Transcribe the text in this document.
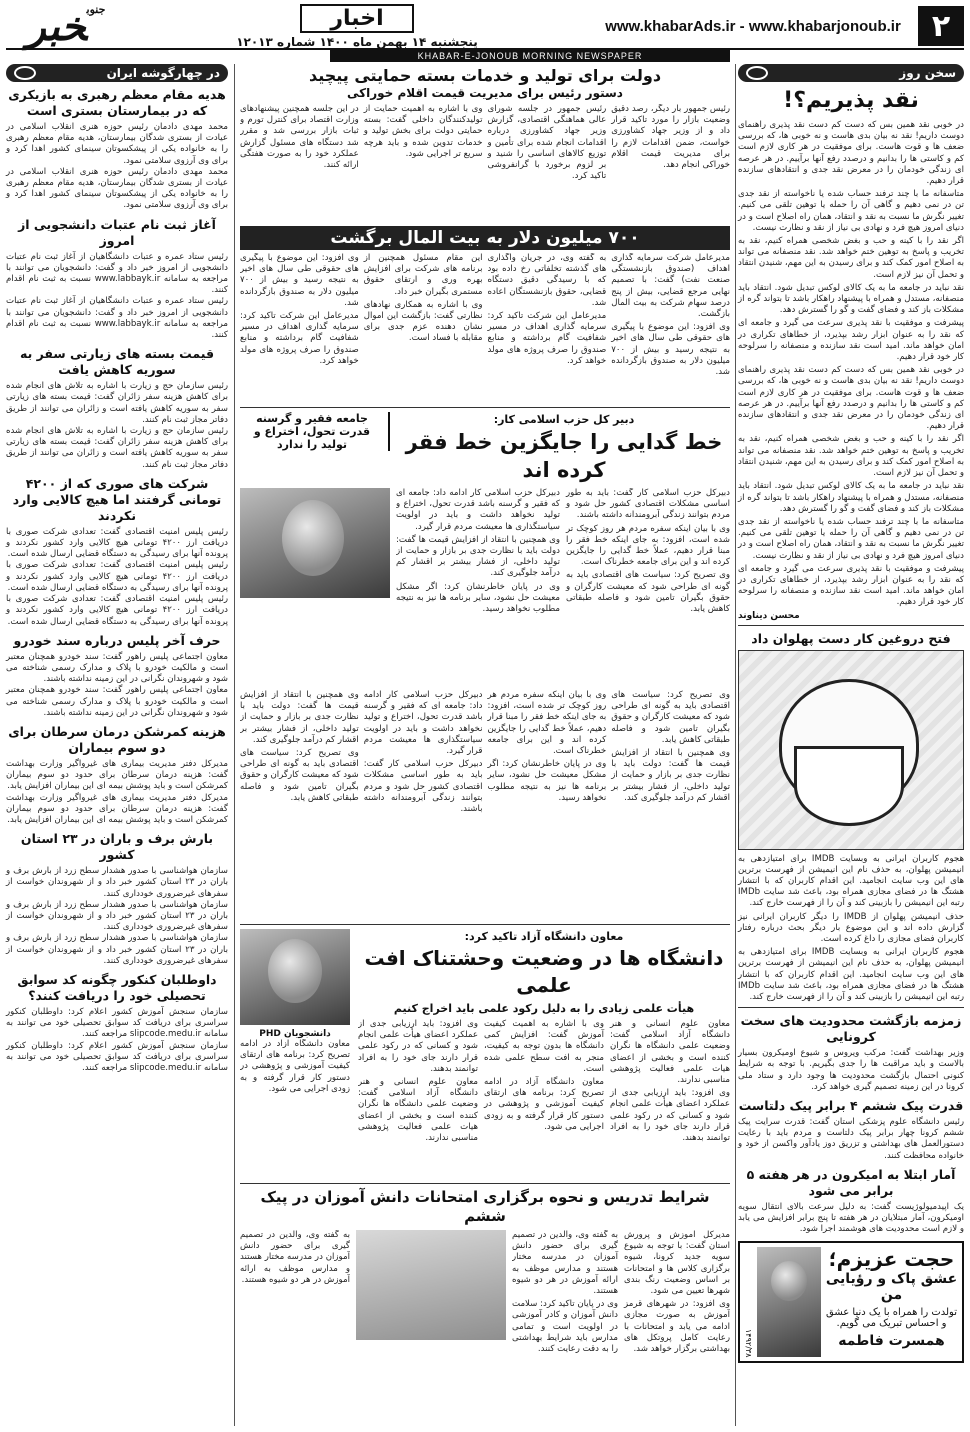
۲
www.khabarAds.ir - www.khabarjonoub.ir
اخبار
پنجشنبه ۱۴ بهمن ماه ۱۴۰۰ شماره ۱۲۰۱۳
$^{جنوب}$خبر
KHABAR-E-JONOUB MORNING NEWSPAPER
سخن روز
نقد پذیریم؟!

در خوبی نقد همین بس که دست کم دست نقد پذیری راهنمای دوست داریم! نقد نه بیان بدی هاست و نه خوبی ها، که بررسی ضعف ها و قوت هاست. برای موفقیت در هر کاری لازم است کم و کاستی ها را بدانیم و درصدد رفع آنها برآییم. در هر عرصه ای زندگی خودمان را در معرض نقد جدی و انتقادهای سازنده قرار دهیم.

متاسفانه ما با چند ترفند حساب شده یا ناخواسته از نقد جدی تن در نمی دهیم و گاهی آن را حمله یا توهین تلقی می کنیم. تغییر نگرش ما نسبت به نقد و انتقاد، همان راه اصلاح است و در دنیای امروز هیچ فرد و نهادی بی نیاز از نقد و نظارت نیست.

اگر نقد را با کینه و حب و بغض شخصی همراه کنیم، نقد به تخریب و پاسخ به توهین ختم خواهد شد. نقد منصفانه می تواند به اصلاح امور کمک کند و برای رسیدن به این مهم، شنیدن انتقاد و تحمل آن نیز لازم است.

نقد نباید در جامعه ما به یک کالای لوکس تبدیل شود. انتقاد باید منصفانه، مستدل و همراه با پیشنهاد راهکار باشد تا بتواند گره از مشکلات باز کند و فضای گفت و گو را گسترش دهد.

پیشرفت و موفقیت با نقد پذیری سرعت می گیرد و جامعه ای که نقد را به عنوان ابزار رشد بپذیرد، از خطاهای تکراری در امان خواهد ماند. امید است نقد سازنده و منصفانه را سرلوحه کار خود قرار دهیم.

در خوبی نقد همین بس که دست کم دست نقد پذیری راهنمای دوست داریم! نقد نه بیان بدی هاست و نه خوبی ها، که بررسی ضعف ها و قوت هاست. برای موفقیت در هر کاری لازم است کم و کاستی ها را بدانیم و درصدد رفع آنها برآییم. در هر عرصه ای زندگی خودمان را در معرض نقد جدی و انتقادهای سازنده قرار دهیم.

اگر نقد را با کینه و حب و بغض شخصی همراه کنیم، نقد به تخریب و پاسخ به توهین ختم خواهد شد. نقد منصفانه می تواند به اصلاح امور کمک کند و برای رسیدن به این مهم، شنیدن انتقاد و تحمل آن نیز لازم است.

نقد نباید در جامعه ما به یک کالای لوکس تبدیل شود. انتقاد باید منصفانه، مستدل و همراه با پیشنهاد راهکار باشد تا بتواند گره از مشکلات باز کند و فضای گفت و گو را گسترش دهد.

متاسفانه ما با چند ترفند حساب شده یا ناخواسته از نقد جدی تن در نمی دهیم و گاهی آن را حمله یا توهین تلقی می کنیم. تغییر نگرش ما نسبت به نقد و انتقاد، همان راه اصلاح است و در دنیای امروز هیچ فرد و نهادی بی نیاز از نقد و نظارت نیست.

پیشرفت و موفقیت با نقد پذیری سرعت می گیرد و جامعه ای که نقد را به عنوان ابزار رشد بپذیرد، از خطاهای تکراری در امان خواهد ماند. امید است نقد سازنده و منصفانه را سرلوحه کار خود قرار دهیم.

محسن دیناوند
فتح دروغین کار دست پهلوان داد

هجوم کاربران ایرانی به وبسایت IMDB برای امتیازدهی به انیمیشن پهلوان، به حذف نام این انیمیشن از فهرست برترین های این وب سایت انجامید. این اقدام کاربران که با انتشار هشتگ ها در فضای مجازی همراه بود، باعث شد سایت IMDb رتبه این انیمیشن را بازبینی کند و آن را از فهرست خارج کند.

حذف انیمیشن پهلوان از IMDB را دیگر کاربران ایرانی نیز گزارش داده اند و این موضوع بار دیگر بحث درباره رفتار کاربران فضای مجازی را داغ کرده است.

هجوم کاربران ایرانی به وبسایت IMDB برای امتیازدهی به انیمیشن پهلوان، به حذف نام این انیمیشن از فهرست برترین های این وب سایت انجامید. این اقدام کاربران که با انتشار هشتگ ها در فضای مجازی همراه بود، باعث شد سایت IMDb رتبه این انیمیشن را بازبینی کند و آن را از فهرست خارج کند.

زمزمه بازگشت محدودیت های سخت کرونایی
وزیر بهداشت گفت: مرکب ویروس و شیوع اومیکرون بسیار بالاست و باید مراقبت ها را جدی بگیریم. با توجه به شرایط کنونی احتمال بازگشت محدودیت ها وجود دارد و ستاد ملی کرونا در این زمینه تصمیم گیری خواهد کرد.
قدرت پیک ششم ۴ برابر پیک دلتاست
رئیس دانشگاه علوم پزشکی استان گفت: قدرت سرایت پیک ششم کرونا چهار برابر پیک دلتاست و مردم باید با رعایت دستورالعمل های بهداشتی و تزریق دوز یادآور واکسن از خود و خانواده محافظت کنند.
آمار ابتلا به امیکرون در هر هفته ۵ برابر می شود
یک اپیدمیولوژیست گفت: به دلیل سرعت بالای انتقال سویه اومیکرون، آمار مبتلایان در هر هفته تا پنج برابر افزایش می یابد و لازم است محدودیت های هوشمند اجرا شود.
حجت عزیزم؛
عشق پاک و رؤیایی من
تولدت را همراه با یک دنیا عشق
و احساس تبریک می گویم.
همسرت فاطمه
۱۴۹۲/۳۸
دولت برای تولید و خدمات بسته حمایتی پیچید
دستور رئیس برای مدیریت قیمت اقلام خوراکی
رئیس جمهور بار دیگر، رصد دقیق وضعیت بازار را مورد تاکید قرار داد و از وزیر جهاد کشاورزی خواست، ضمن اقدامات لازم را برای مدیریت قیمت اقلام خوراکی انجام دهد.
رئیس جمهور در جلسه شورای عالی هماهنگی اقتصادی، گزارش وزیر جهاد کشاورزی درباره اقدامات انجام شده برای تأمین و توزیع کالاهای اساسی را شنید و بر لزوم برخورد با گرانفروشی تاکید کرد.
وی با اشاره به اهمیت حمایت از تولیدکنندگان داخلی گفت: بسته حمایتی دولت برای بخش تولید و خدمات تدوین شده و باید هرچه سریع تر اجرایی شود.
در این جلسه همچنین پیشنهادهای وزارت اقتصاد برای کنترل تورم و ثبات بازار بررسی شد و مقرر شد دستگاه های مسئول گزارش عملکرد خود را به صورت هفتگی ارائه کنند.
۷۰۰ میلیون دلار به بیت المال برگشت

مدیرعامل شرکت سرمایه گذاری اهداف (صندوق بازنشستگی صنعت نفت) گفت: با تصمیم نهایی مرجع قضایی، بیش از پنج درصد سهام شرکت به بیت المال بازگشت.

وی افزود: این موضوع با پیگیری های حقوقی طی سال های اخیر به نتیجه رسید و بیش از ۷۰۰ میلیون دلار به صندوق بازگردانده شد.

به گفته وی، در جریان واگذاری های گذشته تخلفاتی رخ داده بود که با رسیدگی دقیق دستگاه قضایی، حقوق بازنشستگان اعاده شد.

مدیرعامل این شرکت تاکید کرد: سرمایه گذاری اهداف در مسیر شفافیت گام برداشته و منابع صندوق را صرف پروژه های مولد خواهد کرد.

این مقام مسئول همچنین از برنامه های شرکت برای افزایش بهره وری و ارتقای حقوق مستمری بگیران خبر داد.

وی با اشاره به همکاری نهادهای نظارتی گفت: بازگشت این اموال نشان دهنده عزم جدی برای مقابله با فساد است.

وی افزود: این موضوع با پیگیری های حقوقی طی سال های اخیر به نتیجه رسید و بیش از ۷۰۰ میلیون دلار به صندوق بازگردانده شد.

مدیرعامل این شرکت تاکید کرد: سرمایه گذاری اهداف در مسیر شفافیت گام برداشته و منابع صندوق را صرف پروژه های مولد خواهد کرد.

دبیر کل حزب اسلامی کار:
خط گدایی را جایگزین خط فقر کرده اند
جامعه فقیر و گرسنه قدرت تحول، اختراع و تولید را ندارد

دبیرکل حزب اسلامی کار گفت: باید به طور اساسی مشکلات اقتصادی کشور حل شود و مردم بتوانند زندگی آبرومندانه داشته باشند.

وی با بیان اینکه سفره مردم هر روز کوچک تر شده است، افزود: به جای اینکه خط فقر را مبنا قرار دهیم، عملاً خط گدایی را جایگزین کرده اند و این برای جامعه خطرناک است.

وی تصریح کرد: سیاست های اقتصادی باید به گونه ای طراحی شود که معیشت کارگران و حقوق بگیران تامین شود و فاصله طبقاتی کاهش یابد.

دبیرکل حزب اسلامی کار ادامه داد: جامعه ای که فقیر و گرسنه باشد قدرت تحول، اختراع و تولید نخواهد داشت و باید در اولویت سیاستگذاری ها معیشت مردم قرار گیرد.

وی همچنین با انتقاد از افزایش قیمت ها گفت: دولت باید با نظارت جدی بر بازار و حمایت از تولید داخلی، از فشار بیشتر بر اقشار کم درآمد جلوگیری کند.

وی در پایان خاطرنشان کرد: اگر مشکل معیشت حل نشود، سایر برنامه ها نیز به نتیجه مطلوب نخواهد رسید.

وی تصریح کرد: سیاست های اقتصادی باید به گونه ای طراحی شود که معیشت کارگران و حقوق بگیران تامین شود و فاصله طبقاتی کاهش یابد.

وی همچنین با انتقاد از افزایش قیمت ها گفت: دولت باید با نظارت جدی بر بازار و حمایت از تولید داخلی، از فشار بیشتر بر اقشار کم درآمد جلوگیری کند.

وی با بیان اینکه سفره مردم هر روز کوچک تر شده است، افزود: به جای اینکه خط فقر را مبنا قرار دهیم، عملاً خط گدایی را جایگزین کرده اند و این برای جامعه خطرناک است.

وی در پایان خاطرنشان کرد: اگر مشکل معیشت حل نشود، سایر برنامه ها نیز به نتیجه مطلوب نخواهد رسید.

دبیرکل حزب اسلامی کار ادامه داد: جامعه ای که فقیر و گرسنه باشد قدرت تحول، اختراع و تولید نخواهد داشت و باید در اولویت سیاستگذاری ها معیشت مردم قرار گیرد.

دبیرکل حزب اسلامی کار گفت: باید به طور اساسی مشکلات اقتصادی کشور حل شود و مردم بتوانند زندگی آبرومندانه داشته باشند.

وی همچنین با انتقاد از افزایش قیمت ها گفت: دولت باید با نظارت جدی بر بازار و حمایت از تولید داخلی، از فشار بیشتر بر اقشار کم درآمد جلوگیری کند.

وی تصریح کرد: سیاست های اقتصادی باید به گونه ای طراحی شود که معیشت کارگران و حقوق بگیران تامین شود و فاصله طبقاتی کاهش یابد.

معاون دانشگاه آزاد تاکید کرد:
دانشگاه ها در وضعیت وحشتناک افت علمی
هیأت علمی زیادی را به دلیل رکود علمی باید اخراج کنیم

معاون علوم انسانی و هنر دانشگاه آزاد اسلامی گفت: وضعیت علمی دانشگاه ها نگران کننده است و بخشی از اعضای هیات علمی فعالیت پژوهشی مناسبی ندارند.

وی افزود: باید ارزیابی جدی از عملکرد اعضای هیأت علمی انجام شود و کسانی که در رکود علمی قرار دارند جای خود را به افراد توانمند بدهند.

وی با اشاره به اهمیت کیفیت آموزش گفت: افزایش کمی دانشگاه ها بدون توجه به کیفیت، منجر به افت سطح علمی شده است.

معاون دانشگاه آزاد در ادامه تصریح کرد: برنامه های ارتقای کیفیت آموزشی و پژوهشی در دستور کار قرار گرفته و به زودی اجرایی می شود.

وی افزود: باید ارزیابی جدی از عملکرد اعضای هیأت علمی انجام شود و کسانی که در رکود علمی قرار دارند جای خود را به افراد توانمند بدهند.

معاون علوم انسانی و هنر دانشگاه آزاد اسلامی گفت: وضعیت علمی دانشگاه ها نگران کننده است و بخشی از اعضای هیات علمی فعالیت پژوهشی مناسبی ندارند.

دانشجویان PHD
معاون دانشگاه آزاد در ادامه تصریح کرد: برنامه های ارتقای کیفیت آموزشی و پژوهشی در دستور کار قرار گرفته و به زودی اجرایی می شود.
شرایط تدریس و نحوه برگزاری امتحانات دانش آموزان در پیک ششم

مدیرکل آموزش و پرورش استان گفت: با توجه به شیوع سویه جدید کرونا، شیوه برگزاری کلاس ها و امتحانات بر اساس وضعیت رنگ بندی شهرها تعیین می شود.

وی افزود: در شهرهای قرمز آموزش به صورت مجازی ادامه می یابد و امتحانات با رعایت کامل پروتکل های بهداشتی برگزار خواهد شد.

به گفته وی، والدین در تصمیم گیری برای حضور دانش آموزان در مدرسه مختار هستند و مدارس موظف به ارائه آموزش در هر دو شیوه هستند.

وی در پایان تاکید کرد: سلامت دانش آموزان و کادر آموزشی در اولویت است و تمامی مدارس باید شرایط بهداشتی را به دقت رعایت کنند.

به گفته وی، والدین در تصمیم گیری برای حضور دانش آموزان در مدرسه مختار هستند و مدارس موظف به ارائه آموزش در هر دو شیوه هستند.
در چهارگوشه ایران
هدیه مقام معظم رهبری به بازیکری که در بیمارستان بستری است
محمد مهدی دادمان رئیس حوزه هنری انقلاب اسلامی در عیادت از بستری شدگان بیمارستان، هدیه مقام معظم رهبری را به خانواده یکی از پیشکسوتان سینمای کشور اهدا کرد و برای وی آرزوی سلامتی نمود.
محمد مهدی دادمان رئیس حوزه هنری انقلاب اسلامی در عیادت از بستری شدگان بیمارستان، هدیه مقام معظم رهبری را به خانواده یکی از پیشکسوتان سینمای کشور اهدا کرد و برای وی آرزوی سلامتی نمود.
آغاز ثبت نام عتبات دانشجویی از امروز
رئیس ستاد عمره و عتبات دانشگاهیان از آغاز ثبت نام عتبات دانشجویی از امروز خبر داد و گفت: دانشجویان می توانند با مراجعه به سامانه www.labbayk.ir نسبت به ثبت نام اقدام کنند.
رئیس ستاد عمره و عتبات دانشگاهیان از آغاز ثبت نام عتبات دانشجویی از امروز خبر داد و گفت: دانشجویان می توانند با مراجعه به سامانه www.labbayk.ir نسبت به ثبت نام اقدام کنند.
قیمت بسته های زیارتی سفر به سوریه کاهش یافت
رئیس سازمان حج و زیارت با اشاره به تلاش های انجام شده برای کاهش هزینه سفر زائران گفت: قیمت بسته های زیارتی سفر به سوریه کاهش یافته است و زائران می توانند از طریق دفاتر مجاز ثبت نام کنند.
رئیس سازمان حج و زیارت با اشاره به تلاش های انجام شده برای کاهش هزینه سفر زائران گفت: قیمت بسته های زیارتی سفر به سوریه کاهش یافته است و زائران می توانند از طریق دفاتر مجاز ثبت نام کنند.
شرکت های صوری که از ۴۲۰۰ تومانی گرفتند اما هیچ کالایی وارد نکردند
رئیس پلیس امنیت اقتصادی گفت: تعدادی شرکت صوری با دریافت ارز ۴۲۰۰ تومانی هیچ کالایی وارد کشور نکردند و پرونده آنها برای رسیدگی به دستگاه قضایی ارسال شده است.
رئیس پلیس امنیت اقتصادی گفت: تعدادی شرکت صوری با دریافت ارز ۴۲۰۰ تومانی هیچ کالایی وارد کشور نکردند و پرونده آنها برای رسیدگی به دستگاه قضایی ارسال شده است.
رئیس پلیس امنیت اقتصادی گفت: تعدادی شرکت صوری با دریافت ارز ۴۲۰۰ تومانی هیچ کالایی وارد کشور نکردند و پرونده آنها برای رسیدگی به دستگاه قضایی ارسال شده است.
حرف آخر پلیس درباره سند خودرو
معاون اجتماعی پلیس راهور گفت: سند خودرو همچنان معتبر است و مالکیت خودرو با پلاک و مدارک رسمی شناخته می شود و شهروندان نگرانی در این زمینه نداشته باشند.
معاون اجتماعی پلیس راهور گفت: سند خودرو همچنان معتبر است و مالکیت خودرو با پلاک و مدارک رسمی شناخته می شود و شهروندان نگرانی در این زمینه نداشته باشند.
هزینه کمرشکن درمان سرطان برای دو سوم بیماران
مدیرکل دفتر مدیریت بیماری های غیرواگیر وزارت بهداشت گفت: هزینه درمان سرطان برای حدود دو سوم بیماران کمرشکن است و باید پوشش بیمه ای این بیماران افزایش یابد.
مدیرکل دفتر مدیریت بیماری های غیرواگیر وزارت بهداشت گفت: هزینه درمان سرطان برای حدود دو سوم بیماران کمرشکن است و باید پوشش بیمه ای این بیماران افزایش یابد.
بارش برف و باران در ۲۳ استان کشور
سازمان هواشناسی با صدور هشدار سطح زرد از بارش برف و باران در ۲۳ استان کشور خبر داد و از شهروندان خواست از سفرهای غیرضروری خودداری کنند.
سازمان هواشناسی با صدور هشدار سطح زرد از بارش برف و باران در ۲۳ استان کشور خبر داد و از شهروندان خواست از سفرهای غیرضروری خودداری کنند.
سازمان هواشناسی با صدور هشدار سطح زرد از بارش برف و باران در ۲۳ استان کشور خبر داد و از شهروندان خواست از سفرهای غیرضروری خودداری کنند.
داوطلبان کنکور چگونه کد سوابق تحصیلی خود را دریافت کنند؟
سازمان سنجش آموزش کشور اعلام کرد: داوطلبان کنکور سراسری برای دریافت کد سوابق تحصیلی خود می توانند به سامانه slipcode.medu.ir مراجعه کنند.
سازمان سنجش آموزش کشور اعلام کرد: داوطلبان کنکور سراسری برای دریافت کد سوابق تحصیلی خود می توانند به سامانه slipcode.medu.ir مراجعه کنند.
